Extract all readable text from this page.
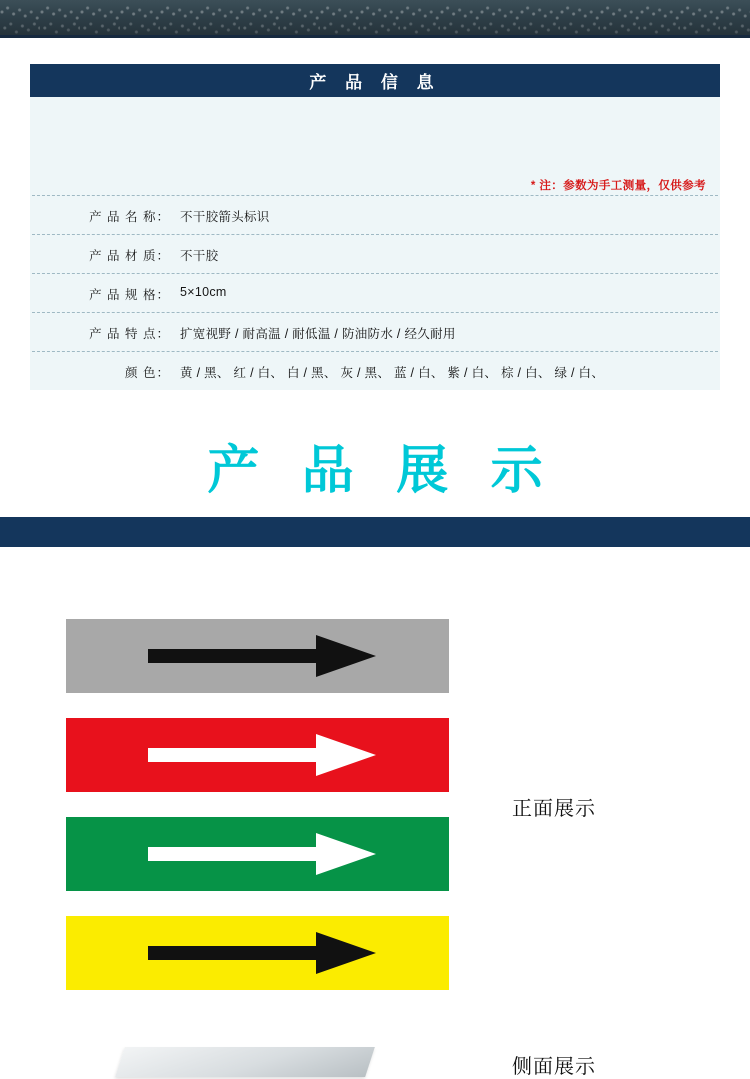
产 品 信 息
* 注：参数为手工测量，仅供参考
产 品 名 称： 不干胶箭头标识
产 品 材 质： 不干胶
产 品 规 格： 5×10cm
产 品 特 点： 扩宽视野 / 耐高温 / 耐低温 / 防油防水 / 经久耐用
颜 色： 黄 / 黑、 红 / 白、 白 / 黑、 灰 / 黑、 蓝 / 白、 紫 / 白、 棕 / 白、 绿 / 白、
产 品 展 示
正面展示
侧面展示
